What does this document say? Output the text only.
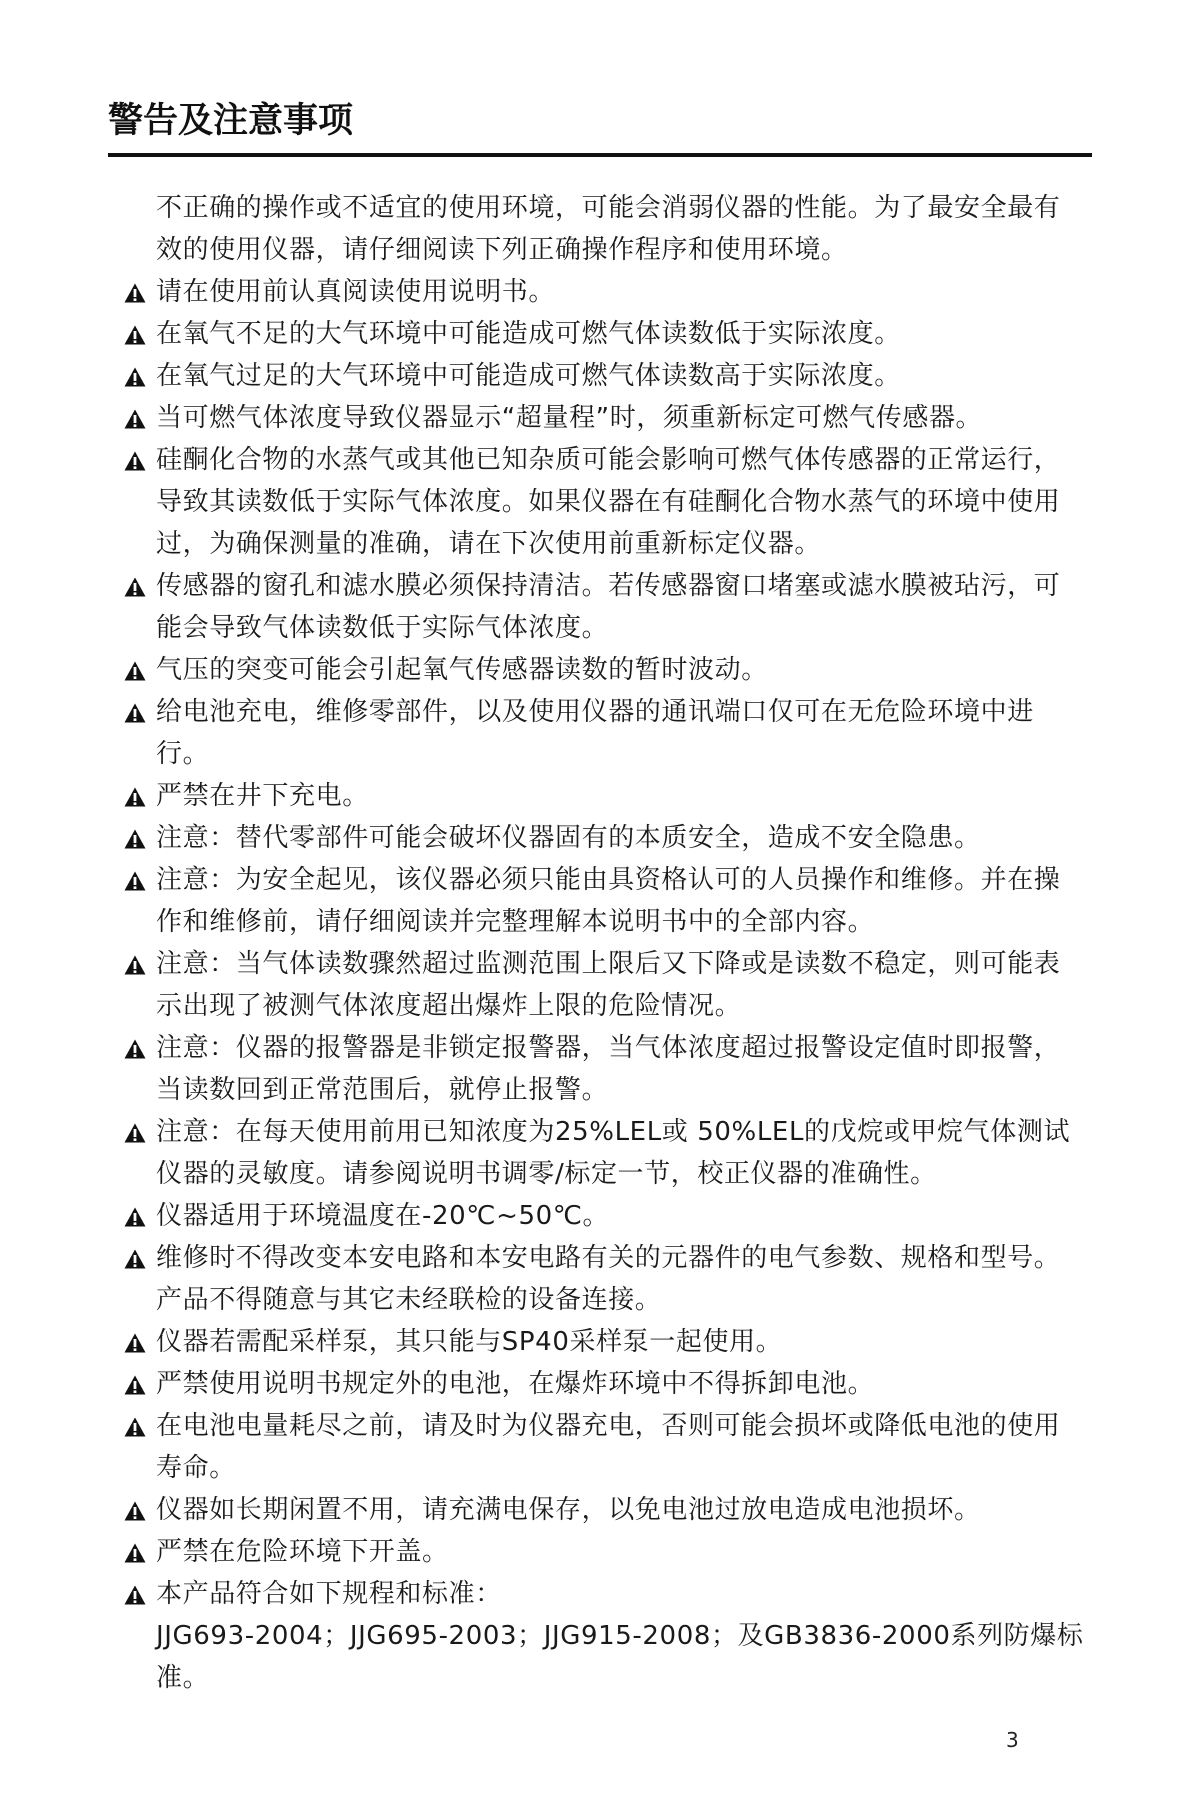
警告及注意事项
不正确的操作或不适宜的使用环境，可能会消弱仪器的性能。为了最安全最有
效的使用仪器，请仔细阅读下列正确操作程序和使用环境。
请在使用前认真阅读使用说明书。
在氧气不足的大气环境中可能造成可燃气体读数低于实际浓度。
在氧气过足的大气环境中可能造成可燃气体读数高于实际浓度。
当可燃气体浓度导致仪器显示“超量程”时，须重新标定可燃气传感器。
硅酮化合物的水蒸气或其他已知杂质可能会影响可燃气体传感器的正常运行，
导致其读数低于实际气体浓度。如果仪器在有硅酮化合物水蒸气的环境中使用
过，为确保测量的准确，请在下次使用前重新标定仪器。
传感器的窗孔和滤水膜必须保持清洁。若传感器窗口堵塞或滤水膜被玷污，可
能会导致气体读数低于实际气体浓度。
气压的突变可能会引起氧气传感器读数的暂时波动。
给电池充电，维修零部件，以及使用仪器的通讯端口仅可在无危险环境中进
行。
严禁在井下充电。
注意：替代零部件可能会破坏仪器固有的本质安全，造成不安全隐患。
注意：为安全起见，该仪器必须只能由具资格认可的人员操作和维修。并在操
作和维修前，请仔细阅读并完整理解本说明书中的全部内容。
注意：当气体读数骤然超过监测范围上限后又下降或是读数不稳定，则可能表
示出现了被测气体浓度超出爆炸上限的危险情况。
注意：仪器的报警器是非锁定报警器，当气体浓度超过报警设定值时即报警，
当读数回到正常范围后，就停止报警。
注意：在每天使用前用已知浓度为25%LEL或 50%LEL的戊烷或甲烷气体测试
仪器的灵敏度。请参阅说明书调零/标定一节，校正仪器的准确性。
仪器适用于环境温度在-20℃~50℃。
维修时不得改变本安电路和本安电路有关的元器件的电气参数、规格和型号。
产品不得随意与其它未经联检的设备连接。
仪器若需配采样泵，其只能与SP40采样泵一起使用。
严禁使用说明书规定外的电池，在爆炸环境中不得拆卸电池。
在电池电量耗尽之前，请及时为仪器充电，否则可能会损坏或降低电池的使用
寿命。
仪器如长期闲置不用，请充满电保存，以免电池过放电造成电池损坏。
严禁在危险环境下开盖。
本产品符合如下规程和标准：
JJG693-2004；JJG695-2003；JJG915-2008；及GB3836-2000系列防爆标
准。
3
